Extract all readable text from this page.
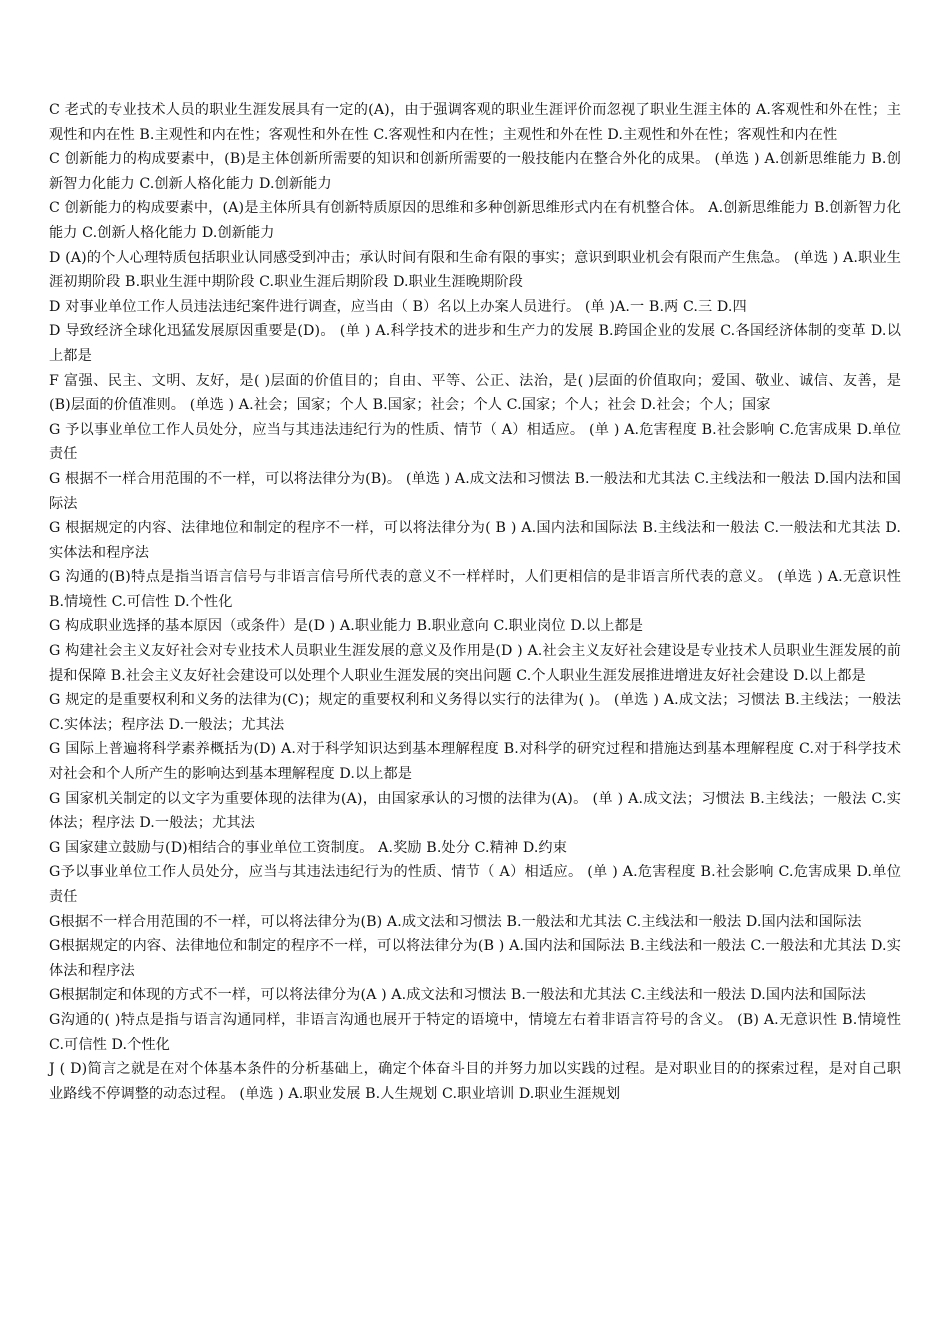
C 老式的专业技术人员的职业生涯发展具有一定的(A)，由于强调客观的职业生涯评价而忽视了职业生涯主体的 A.客观性和外在性；主观性和内在性 B.主观性和内在性；客观性和外在性 C.客观性和内在性；主观性和外在性 D.主观性和外在性；客观性和内在性

C 创新能力的构成要素中，(B)是主体创新所需要的知识和创新所需要的一般技能内在整合外化的成果。 (单选 ) A.创新思维能力 B.创新智力化能力 C.创新人格化能力 D.创新能力

C 创新能力的构成要素中，(A)是主体所具有创新特质原因的思维和多种创新思维形式内在有机整合体。 A.创新思维能力 B.创新智力化能力 C.创新人格化能力 D.创新能力

D (A)的个人心理特质包括职业认同感受到冲击；承认时间有限和生命有限的事实；意识到职业机会有限而产生焦急。 (单选 ) A.职业生涯初期阶段 B.职业生涯中期阶段 C.职业生涯后期阶段 D.职业生涯晚期阶段

D 对事业单位工作人员违法违纪案件进行调查，应当由（ B）名以上办案人员进行。 (单 )A.一 B.两 C.三 D.四

D 导致经济全球化迅猛发展原因重要是(D)。 (单 ) A.科学技术的进步和生产力的发展 B.跨国企业的发展 C.各国经济体制的变革 D.以上都是

F 富强、民主、文明、友好，是( )层面的价值目的；自由、平等、公正、法治，是( )层面的价值取向；爱国、敬业、诚信、友善，是(B)层面的价值准则。 (单选 ) A.社会；国家；个人 B.国家；社会；个人 C.国家；个人；社会 D.社会；个人；国家

G 予以事业单位工作人员处分，应当与其违法违纪行为的性质、情节（ A）相适应。 (单 ) A.危害程度 B.社会影响 C.危害成果 D.单位责任

G 根据不一样合用范围的不一样，可以将法律分为(B)。 (单选 ) A.成文法和习惯法 B.一般法和尤其法 C.主线法和一般法 D.国内法和国际法

G 根据规定的内容、法律地位和制定的程序不一样，可以将法律分为( B ) A.国内法和国际法 B.主线法和一般法 C.一般法和尤其法 D.实体法和程序法

G 沟通的(B)特点是指当语言信号与非语言信号所代表的意义不一样样时，人们更相信的是非语言所代表的意义。 (单选 ) A.无意识性 B.情境性 C.可信性 D.个性化

G 构成职业选择的基本原因（或条件）是(D ) A.职业能力 B.职业意向 C.职业岗位 D.以上都是

G 构建社会主义友好社会对专业技术人员职业生涯发展的意义及作用是(D ) A.社会主义友好社会建设是专业技术人员职业生涯发展的前提和保障 B.社会主义友好社会建设可以处理个人职业生涯发展的突出问题 C.个人职业生涯发展推进增进友好社会建设 D.以上都是

G 规定的是重要权利和义务的法律为(C)；规定的重要权利和义务得以实行的法律为( )。 (单选 ) A.成文法；习惯法 B.主线法；一般法 C.实体法；程序法 D.一般法；尤其法

G 国际上普遍将科学素养概括为(D) A.对于科学知识达到基本理解程度 B.对科学的研究过程和措施达到基本理解程度 C.对于科学技术对社会和个人所产生的影响达到基本理解程度 D.以上都是

G 国家机关制定的以文字为重要体现的法律为(A)，由国家承认的习惯的法律为(A)。 (单 ) A.成文法；习惯法 B.主线法；一般法 C.实体法；程序法 D.一般法；尤其法

G 国家建立鼓励与(D)相结合的事业单位工资制度。 A.奖励 B.处分 C.精神 D.约束

G予以事业单位工作人员处分，应当与其违法违纪行为的性质、情节（ A）相适应。 (单 ) A.危害程度 B.社会影响 C.危害成果 D.单位责任

G根据不一样合用范围的不一样，可以将法律分为(B) A.成文法和习惯法 B.一般法和尤其法 C.主线法和一般法 D.国内法和国际法

G根据规定的内容、法律地位和制定的程序不一样，可以将法律分为(B ) A.国内法和国际法 B.主线法和一般法 C.一般法和尤其法 D.实体法和程序法

G根据制定和体现的方式不一样，可以将法律分为(A ) A.成文法和习惯法 B.一般法和尤其法 C.主线法和一般法 D.国内法和国际法

G沟通的( )特点是指与语言沟通同样，非语言沟通也展开于特定的语境中，情境左右着非语言符号的含义。 (B) A.无意识性 B.情境性 C.可信性 D.个性化

J ( D)简言之就是在对个体基本条件的分析基础上，确定个体奋斗目的并努力加以实践的过程。是对职业目的的探索过程，是对自己职业路线不停调整的动态过程。 (单选 ) A.职业发展 B.人生规划 C.职业培训 D.职业生涯规划
